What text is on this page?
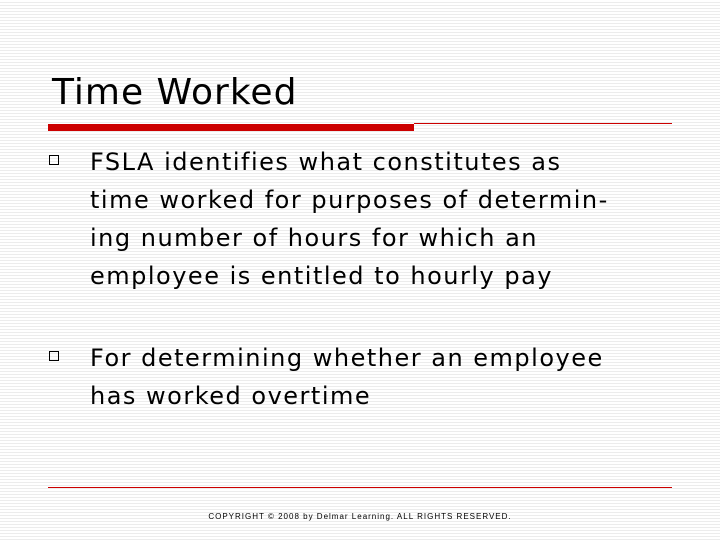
Time Worked
FSLA identifies what constitutes as
time worked for purposes of determin-
ing number of hours for which an
employee is entitled to hourly pay
For determining whether an employee
has worked overtime
COPYRIGHT © 2008 by Delmar Learning. ALL RIGHTS RESERVED.
